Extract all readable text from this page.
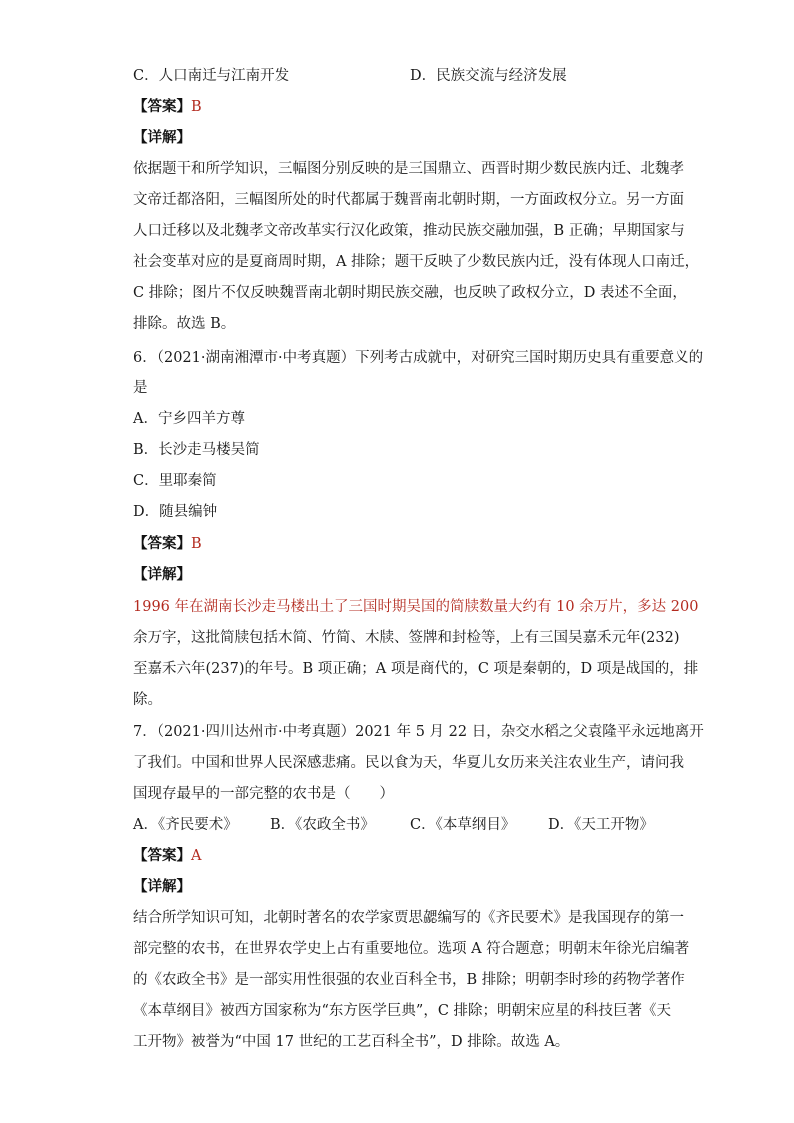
C．人口南迁与江南开发	D．民族交流与经济发展
【答案】B
【详解】
依据题干和所学知识，三幅图分别反映的是三国鼎立、西晋时期少数民族内迁、北魏孝
文帝迁都洛阳，三幅图所处的时代都属于魏晋南北朝时期，一方面政权分立。另一方面
人口迁移以及北魏孝文帝改革实行汉化政策，推动民族交融加强，B 正确；早期国家与
社会变革对应的是夏商周时期，A 排除；题干反映了少数民族内迁，没有体现人口南迁，
C 排除；图片不仅反映魏晋南北朝时期民族交融，也反映了政权分立，D 表述不全面，
排除。故选 B。
6．（2021·湖南湘潭市·中考真题）下列考古成就中，对研究三国时期历史具有重要意义的
是
A．宁乡四羊方尊
B．长沙走马楼吴简
C．里耶秦简
D．随县编钟
【答案】B
【详解】
1996 年在湖南长沙走马楼出土了三国时期吴国的简牍数量大约有 10 余万片，多达 200
余万字，这批简牍包括木简、竹简、木牍、签牌和封检等，上有三国吴嘉禾元年(232)
至嘉禾六年(237)的年号。B 项正确；A 项是商代的，C 项是秦朝的，D 项是战国的，排
除。
7．（2021·四川达州市·中考真题）2021 年 5 月 22 日，杂交水稻之父袁隆平永远地离开
了我们。中国和世界人民深感悲痛。民以食为天，华夏儿女历来关注农业生产，请问我
国现存最早的一部完整的农书是（　　）
A．《齐民要术》 B．《农政全书》 C．《本草纲目》 D．《天工开物》
【答案】A
【详解】
结合所学知识可知，北朝时著名的农学家贾思勰编写的《齐民要术》是我国现存的第一
部完整的农书，在世界农学史上占有重要地位。选项 A 符合题意；明朝末年徐光启编著
的《农政全书》是一部实用性很强的农业百科全书，B 排除；明朝李时珍的药物学著作
《本草纲目》被西方国家称为“东方医学巨典”，C 排除；明朝宋应星的科技巨著《天
工开物》被誉为“中国 17 世纪的工艺百科全书”，D 排除。故选 A。
